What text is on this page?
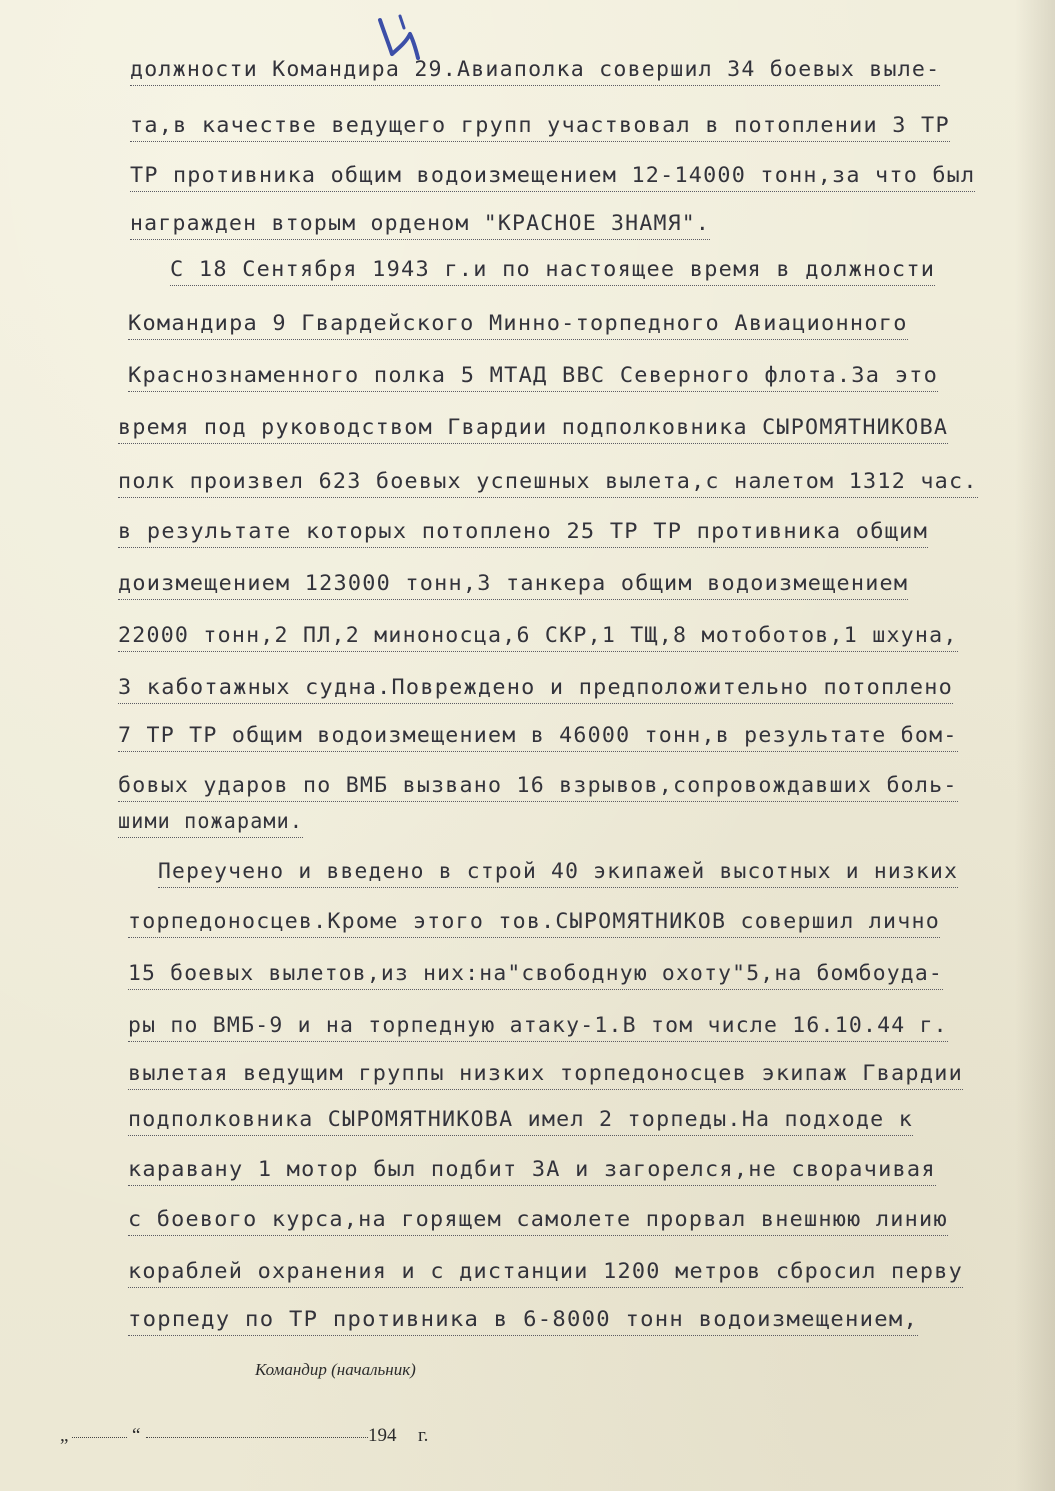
должности Командира 29.Авиаполка совершил 34 боевых выле-
та,в качестве ведущего групп участвовал в потоплении 3 ТР
ТР противника общим водоизмещением 12-14000 тонн,за что был
награжден вторым орденом "КРАСНОЕ ЗНАМЯ".
С 18 Сентября 1943 г.и по настоящее время в должности
Командира 9 Гвардейского Минно-торпедного Авиационного
Краснознаменного полка 5 МТАД ВВС Северного флота.За это
время под руководством Гвардии подполковника СЫРОМЯТНИКОВА
полк произвел 623 боевых успешных вылета,с налетом 1312 час.
в результате которых потоплено 25 ТР ТР противника общим
доизмещением 123000 тонн,3 танкера общим водоизмещением
22000 тонн,2 ПЛ,2 миноносца,6 СКР,1 ТЩ,8 мотоботов,1 шхуна,
3 каботажных судна.Повреждено и предположительно потоплено
7 ТР ТР общим водоизмещением в 46000 тонн,в результате бом-
бовых ударов по ВМБ вызвано 16 взрывов,сопровождавших боль-
шими пожарами.
Переучено и введено в строй 40 экипажей высотных и низких
торпедоносцев.Кроме этого тов.СЫРОМЯТНИКОВ совершил лично
15 боевых вылетов,из них:на"свободную охоту"5,на бомбоуда-
ры по ВМБ-9 и на торпедную атаку-1.В том числе 16.10.44 г.
вылетая ведущим группы низких торпедоносцев экипаж Гвардии
подполковника СЫРОМЯТНИКОВА имел 2 торпеды.На подходе к
каравану 1 мотор был подбит ЗА и загорелся,не сворачивая
с боевого курса,на горящем самолете прорвал внешнюю линию
кораблей охранения и с дистанции 1200 метров сбросил перву
торпеду по ТР противника в 6-8000 тонн водоизмещением,
Командир (начальник)
„	“	194 г.
